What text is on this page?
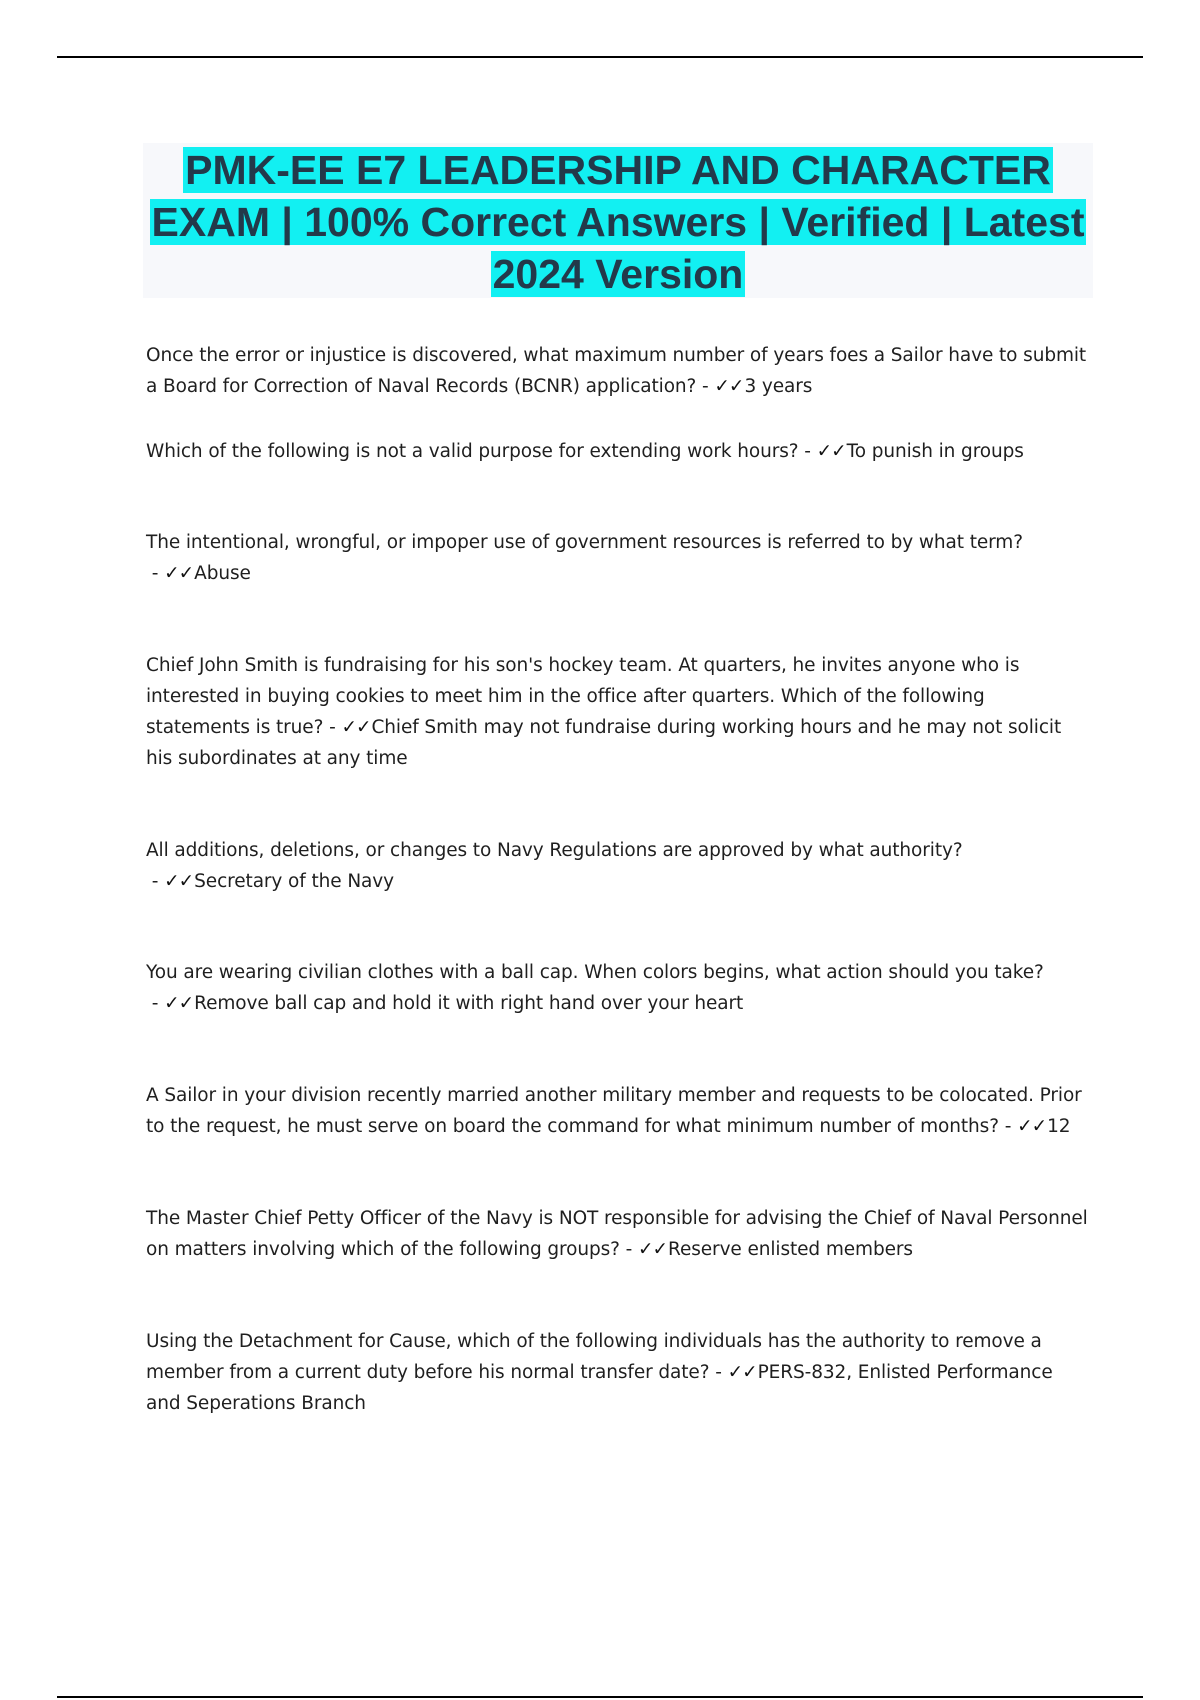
PMK-EE E7 LEADERSHIP AND CHARACTER EXAM | 100% Correct Answers | Verified | Latest 2024 Version
Once the error or injustice is discovered, what maximum number of years foes a Sailor have to submit a Board for Correction of Naval Records (BCNR) application? - ✓✓3 years
Which of the following is not a valid purpose for extending work hours? - ✓✓To punish in groups
The intentional, wrongful, or impoper use of government resources is referred to by what term? - ✓✓Abuse
Chief John Smith is fundraising for his son's hockey team. At quarters, he invites anyone who is interested in buying cookies to meet him in the office after quarters. Which of the following statements is true? - ✓✓Chief Smith may not fundraise during working hours and he may not solicit his subordinates at any time
All additions, deletions, or changes to Navy Regulations are approved by what authority? - ✓✓Secretary of the Navy
You are wearing civilian clothes with a ball cap. When colors begins, what action should you take? - ✓✓Remove ball cap and hold it with right hand over your heart
A Sailor in your division recently married another military member and requests to be colocated. Prior to the request, he must serve on board the command for what minimum number of months? - ✓✓12
The Master Chief Petty Officer of the Navy is NOT responsible for advising the Chief of Naval Personnel on matters involving which of the following groups? - ✓✓Reserve enlisted members
Using the Detachment for Cause, which of the following individuals has the authority to remove a member from a current duty before his normal transfer date? - ✓✓PERS-832, Enlisted Performance and Seperations Branch
